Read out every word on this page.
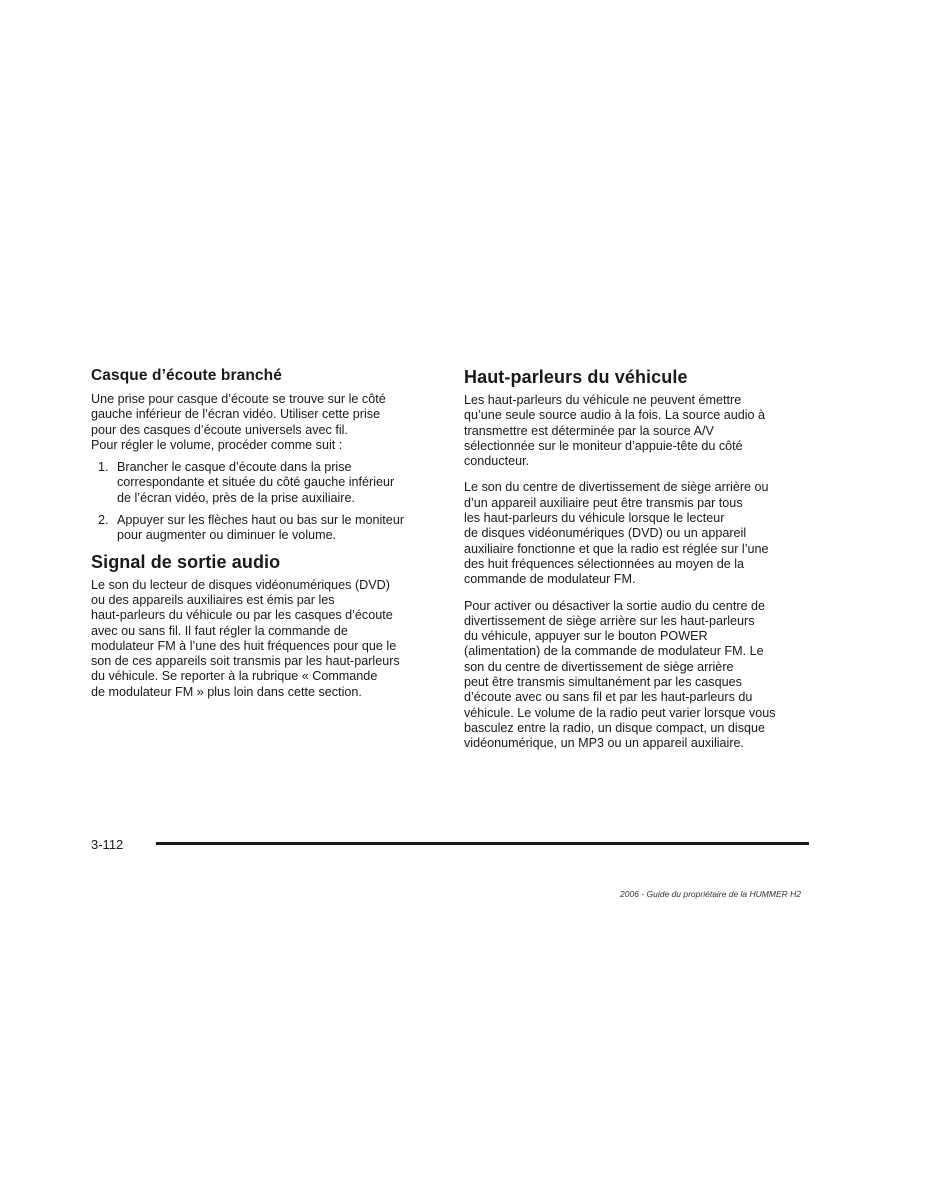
Casque d’écoute branché

Une prise pour casque d’écoute se trouve sur le côté
gauche inférieur de l’écran vidéo. Utiliser cette prise
pour des casques d’écoute universels avec fil.
Pour régler le volume, procéder comme suit :

1. Brancher le casque d’écoute dans la prise
correspondante et située du côté gauche inférieur
de l’écran vidéo, près de la prise auxiliaire.
2. Appuyer sur les flèches haut ou bas sur le moniteur
pour augmenter ou diminuer le volume.
Signal de sortie audio

Le son du lecteur de disques vidéonumériques (DVD)
ou des appareils auxiliaires est émis par les
haut-parleurs du véhicule ou par les casques d’écoute
avec ou sans fil. Il faut régler la commande de
modulateur FM à l’une des huit fréquences pour que le
son de ces appareils soit transmis par les haut-parleurs
du véhicule. Se reporter à la rubrique « Commande
de modulateur FM » plus loin dans cette section.

Haut-parleurs du véhicule

Les haut-parleurs du véhicule ne peuvent émettre
qu’une seule source audio à la fois. La source audio à
transmettre est déterminée par la source A/V
sélectionnée sur le moniteur d’appuie-tête du côté
conducteur.

Le son du centre de divertissement de siège arrière ou
d’un appareil auxiliaire peut être transmis par tous
les haut-parleurs du véhicule lorsque le lecteur
de disques vidéonumériques (DVD) ou un appareil
auxiliaire fonctionne et que la radio est réglée sur l’une
des huit fréquences sélectionnées au moyen de la
commande de modulateur FM.

Pour activer ou désactiver la sortie audio du centre de
divertissement de siège arrière sur les haut-parleurs
du véhicule, appuyer sur le bouton POWER
(alimentation) de la commande de modulateur FM. Le
son du centre de divertissement de siège arrière
peut être transmis simultanément par les casques
d’écoute avec ou sans fil et par les haut-parleurs du
véhicule. Le volume de la radio peut varier lorsque vous
basculez entre la radio, un disque compact, un disque
vidéonumérique, un MP3 ou un appareil auxiliaire.

3-112
2006 - Guide du propriétaire de la HUMMER H2
